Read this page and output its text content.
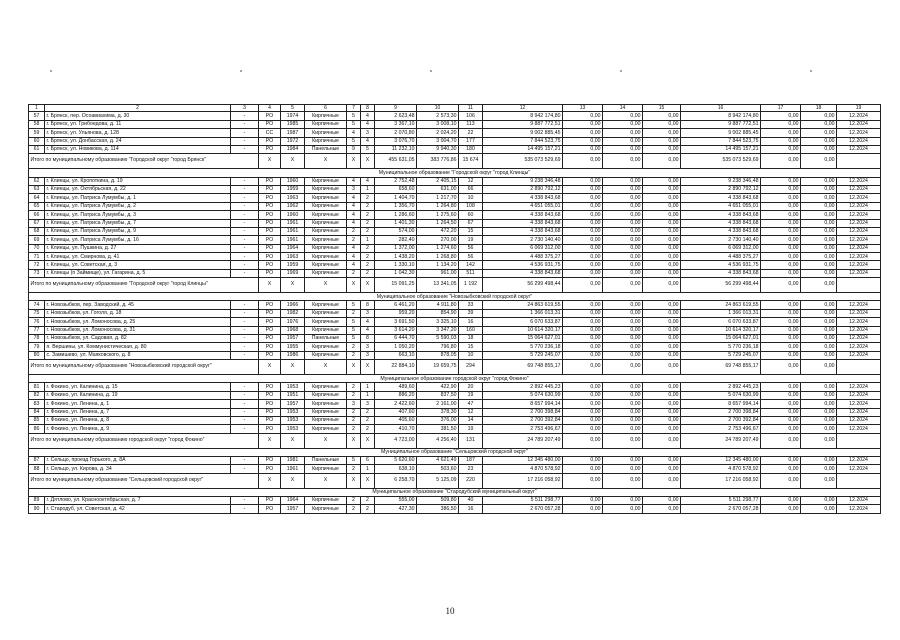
1	2	3	4	5	6	7	8	9	10	11	12	13	14	15	16	17	18	19
57	г. Брянск, пер. Осоавиахима, д. 30	-	РО	1974	Кирпичные	5	4	2 623,48	2 573,30	106	8 942 174,80	0,00	0,00	0,00	8 942 174,80	0,00	0,00	12.2024
58	г. Брянск, ул. Грибоедова, д. 11	-	РО	1985	Кирпичные	5	4	3 367,10	3 008,10	113	9 887 772,51	0,00	0,00	0,00	9 887 772,51	0,00	0,00	12.2024
59	г. Брянск, ул. Ульянова, д. 128	-	СС	1987	Кирпичные	4	3	2 070,80	2 024,20	22	9 002 885,45	0,00	0,00	0,00	9 002 885,45	0,00	0,00	12.2024
60	г. Брянск, ул. Донбасская, д. 24	-	РО	1972	Кирпичные	5	4	3 076,70	3 004,70	177	7 844 523,75	0,00	0,00	0,00	7 844 523,75	0,00	0,00	12.2024
61	г. Брянск, ул. Новикова, д. 114	-	РО	1984	Панельные	9	5	11 232,10	9 940,30	180	14 495 157,21	0,00	0,00	0,00	14 495 157,21	0,00	0,00	12.2024
Итого по муниципальному образованию "Городской округ "город Брянск"			X	X	X	X	X	455 631,05	383 776,86	15 674	535 073 529,69	0,00	0,00	0,00	535 073 529,69	0,00	0,00	
Муниципальное образование "Городской округ "город Клинцы"																		
62	г. Клинцы, ул. Кропоткина, д. 19	-	РО	1960	Кирпичные	4	4	2 752,48	2 405,15	12	9 238 346,48	0,00	0,00	0,00	9 238 346,48	0,00	0,00	12.2024
63	г. Клинцы, ул. Октябрьская, д. 22	-	РО	1959	Кирпичные	3	1	658,60	631,00	66	2 890 792,12	0,00	0,00	0,00	2 890 792,12	0,00	0,00	12.2024
64	г. Клинцы, ул. Патриса Лумумбы, д. 1	-	РО	1963	Кирпичные	4	2	1 404,70	1 217,70	10	4 338 843,68	0,00	0,00	0,00	4 338 843,68	0,00	0,00	12.2024
65	г. Клинцы, ул. Патриса Лумумбы, д. 2	-	РО	1962	Кирпичные	4	2	1 356,70	1 264,80	108	4 651 055,01	0,00	0,00	0,00	4 651 055,01	0,00	0,00	12.2024
66	г. Клинцы, ул. Патриса Лумумбы, д. 3	-	РО	1960	Кирпичные	4	2	1 286,60	1 275,60	60	4 338 843,68	0,00	0,00	0,00	4 338 843,68	0,00	0,00	12.2024
67	г. Клинцы, ул. Патриса Лумумбы, д. 7	-	РО	1961	Кирпичные	4	2	1 401,30	1 264,50	67	4 338 843,68	0,00	0,00	0,00	4 338 843,68	0,00	0,00	12.2024
68	г. Клинцы, ул. Патриса Лумумбы, д. 9	-	РО	1961	Кирпичные	2	2	574,00	472,20	15	4 338 843,68	0,00	0,00	0,00	4 338 843,68	0,00	0,00	12.2024
69	г. Клинцы, ул. Патриса Лумумбы, д. 16	-	РО	1961	Кирпичные	2	1	282,40	270,00	19	2 730 140,40	0,00	0,00	0,00	2 730 140,40	0,00	0,00	12.2024
70	г. Клинцы, ул. Пушкина, д. 27	-	РО	1964	Кирпичные	4	2	1 372,00	1 274,60	56	6 069 312,00	0,00	0,00	0,00	6 069 312,00	0,00	0,00	12.2024
71	г. Клинцы, ул. Смирнова, д. 41	-	РО	1963	Кирпичные	4	2	1 438,20	1 268,80	56	4 488 375,27	0,00	0,00	0,00	4 488 375,27	0,00	0,00	12.2024
72	г. Клинцы, ул. Советская, д. 3	-	РО	1959	Кирпичные	4	2	1 330,10	1 134,20	142	4 536 931,75	0,00	0,00	0,00	4 536 931,75	0,00	0,00	12.2024
73	г. Клинцы (п Займище), ул. Гагарина, д. 5	-	РО	1969	Кирпичные	2	2	1 042,30	961,00	511	4 338 843,68	0,00	0,00	0,00	4 338 843,68	0,00	0,00	12.2024
Итого по муниципальному образованию "Городской округ "город Клинцы"			X	X	X	X	X	15 091,25	13 341,05	1 192	56 299 498,44	0,00	0,00	0,00	56 299 498,44	0,00	0,00	
Муниципальное образование "Новозыбковский городской округ"																		
74	г. Новозыбков, пер. Заводский, д. 45	-	РО	1966	Кирпичные	5	8	6 461,20	4 911,80	33	24 863 619,55	0,00	0,00	0,00	24 863 619,55	0,00	0,00	12.2024
75	г. Новозыбков, ул. Гоголя, д. 18	-	РО	1982	Кирпичные	2	3	959,20	854,90	39	1 366 013,31	0,00	0,00	0,00	1 366 013,31	0,00	0,00	12.2024
76	г. Новозыбков, ул. Ломоносова, д. 25	-	РО	1976	Кирпичные	5	4	3 691,50	3 325,10	16	6 070 633,87	0,00	0,00	0,00	6 070 633,87	0,00	0,00	12.2024
77	г. Новозыбков, ул. Ломоносова, д. 31	-	РО	1968	Кирпичные	5	4	3 614,20	3 347,20	160	10 614 320,17	0,00	0,00	0,00	10 614 320,17	0,00	0,00	12.2024
78	г. Новозыбков, ул. Садовая, д. 82	-	РО	1957	Панельные	5	8	6 444,70	5 590,03	18	15 064 627,01	0,00	0,00	0,00	15 064 627,01	0,00	0,00	12.2024
79	п. Вершины, ул. Коммунистическая, д. 80	-	РО	1955	Кирпичные	2	3	1 050,20	796,80	15	5 770 236,18	0,00	0,00	0,00	5 770 236,18	0,00	0,00	12.2024
80	с. Замишево, ул. Маяковского, д. 8	-	РО	1986	Кирпичные	2	3	663,10	878,05	10	5 729 245,07	0,00	0,00	0,00	5 729 245,07	0,00	0,00	12.2024
Итого по муниципальному образованию "Новозыбковский городской округ"			X	X	X	X	X	22 884,10	19 659,75	294	69 748 855,17	0,00	0,00	0,00	69 748 855,17	0,00	0,00	
Муниципальное образование городской округ "город Фокино"																		
81	г. Фокино, ул. Калинина, д. 15	-	РО	1953	Кирпичные	2	1	489,60	422,90	20	2 892 445,23	0,00	0,00	0,00	2 892 445,23	0,00	0,00	12.2024
82	г. Фокино, ул. Калинина, д. 19	-	РО	1951	Кирпичные	2	1	886,20	837,50	19	5 074 630,99	0,00	0,00	0,00	5 074 630,99	0,00	0,00	12.2024
83	г. Фокино, ул. Ленина, д. 1	-	РО	1957	Кирпичные	3	3	2 422,60	2 161,00	47	8 657 994,14	0,00	0,00	0,00	8 657 994,14	0,00	0,00	12.2024
84	г. Фокино, ул. Ленина, д. 7	-	РО	1953	Кирпичные	2	2	407,60	378,30	12	2 700 398,84	0,00	0,00	0,00	2 700 398,84	0,00	0,00	12.2024
85	г. Фокино, ул. Ленина, д. 8	-	РО	1953	Кирпичные	2	2	405,60	376,00	14	2 700 392,84	0,00	0,00	0,00	2 700 392,84	0,00	0,00	12.2024
86	г. Фокино, ул. Ленина, д. 9	-	РО	1953	Кирпичные	2	2	410,70	381,50	19	2 753 496,67	0,00	0,00	0,00	2 753 496,67	0,00	0,00	12.2024
Итого по муниципальному образованию городской округ "город Фокино"			X	X	X	X	X	4 723,00	4 256,40	131	24 789 207,49	0,00	0,00	0,00	24 789 207,49	0,00	0,00	
Муниципальное образование "Сельцовский городской округ"																		
87	г. Сельцо, проезд Горького, д. 8А	-	РО	1981	Панельные	5	6	5 620,60	4 621,49	187	12 345 480,00	0,00	0,00	0,00	12 345 480,00	0,00	0,00	12.2024
88	г. Сельцо, ул. Кирова, д. 34	-	РО	1961	Кирпичные	2	1	638,10	503,60	23	4 870 578,92	0,00	0,00	0,00	4 870 578,92	0,00	0,00	12.2024
Итого по муниципальному образованию "Сельцовский городской округ"			X	X	X	X	X	6 258,70	5 125,09	220	17 216 058,92	0,00	0,00	0,00	17 216 058,92	0,00	0,00	
Муниципальное образование "Стародубский муниципальный округ"																		
89	г. Дятлово, ул. Краснооктябрьская, д. 7	-	РО	1964	Кирпичные	2	2	555,00	509,80	40	5 511 298,77	0,00	0,00	0,00	5 511 298,77	0,00	0,00	12.2024
90	г. Стародуб, ул. Советская, д. 42	-	РО	1957	Кирпичные	2	2	427,30	386,50	16	2 670 057,28	0,00	0,00	0,00	2 670 057,28	0,00	0,00	12.2024
10
